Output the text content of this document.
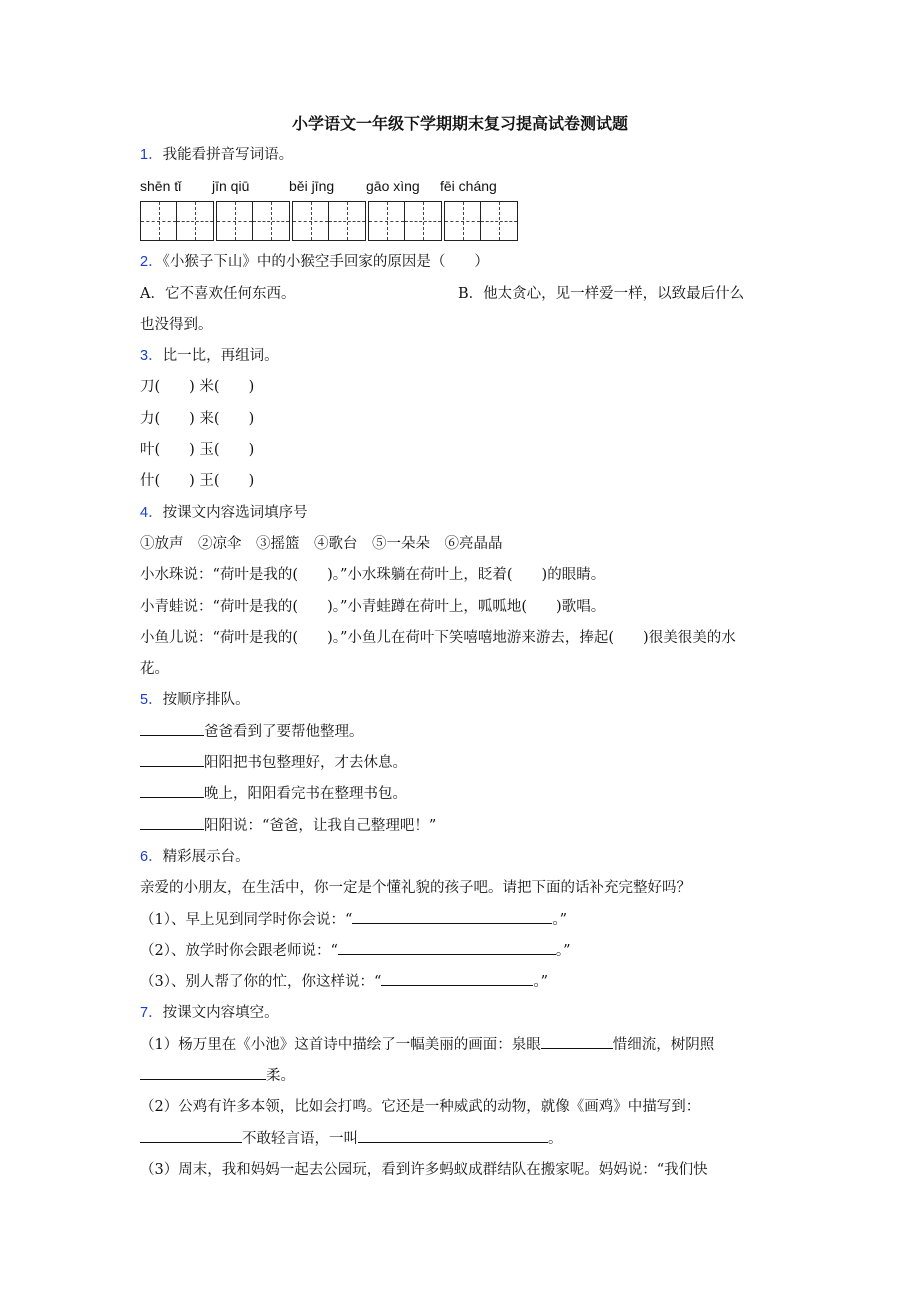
小学语文一年级下学期期末复习提高试卷测试题
1．我能看拼音写词语。
shēn tǐ	jīn qiū	běi jīng	gāo xìng	fēi cháng
2．《小猴子下山》中的小猴空手回家的原因是（　　）
A．它不喜欢任何东西。	B．他太贪心，见一样爱一样，以致最后什么
也没得到。
3．比一比，再组词。
刀(　　) 米(　　)
力(　　) 来(　　)
叶(　　) 玉(　　)
什(　　) 王(　　)
4．按课文内容选词填序号
①放声　②凉伞　③摇篮　④歌台　⑤一朵朵　⑥亮晶晶
小水珠说：“荷叶是我的(　　)。”小水珠躺在荷叶上，眨着(　　)的眼睛。
小青蛙说：“荷叶是我的(　　)。”小青蛙蹲在荷叶上，呱呱地(　　)歌唱。
小鱼儿说：“荷叶是我的(　　)。”小鱼儿在荷叶下笑嘻嘻地游来游去，捧起(　　)很美很美的水
花。
5．按顺序排队。
爸爸看到了要帮他整理。
阳阳把书包整理好，才去休息。
晚上，阳阳看完书在整理书包。
阳阳说：“爸爸，让我自己整理吧！”
6．精彩展示台。
亲爱的小朋友，在生活中，你一定是个懂礼貌的孩子吧。请把下面的话补充完整好吗？
（1）、早上见到同学时你会说：“	。”
（2）、放学时你会跟老师说：“	。”
（3）、别人帮了你的忙，你这样说：“	。”
7．按课文内容填空。
（1）杨万里在《小池》这首诗中描绘了一幅美丽的画面：泉眼	惜细流，树阴照
柔。
（2）公鸡有许多本领，比如会打鸣。它还是一种威武的动物，就像《画鸡》中描写到：
不敢轻言语，一叫	。
（3）周末，我和妈妈一起去公园玩，看到许多蚂蚁成群结队在搬家呢。妈妈说：“我们快
